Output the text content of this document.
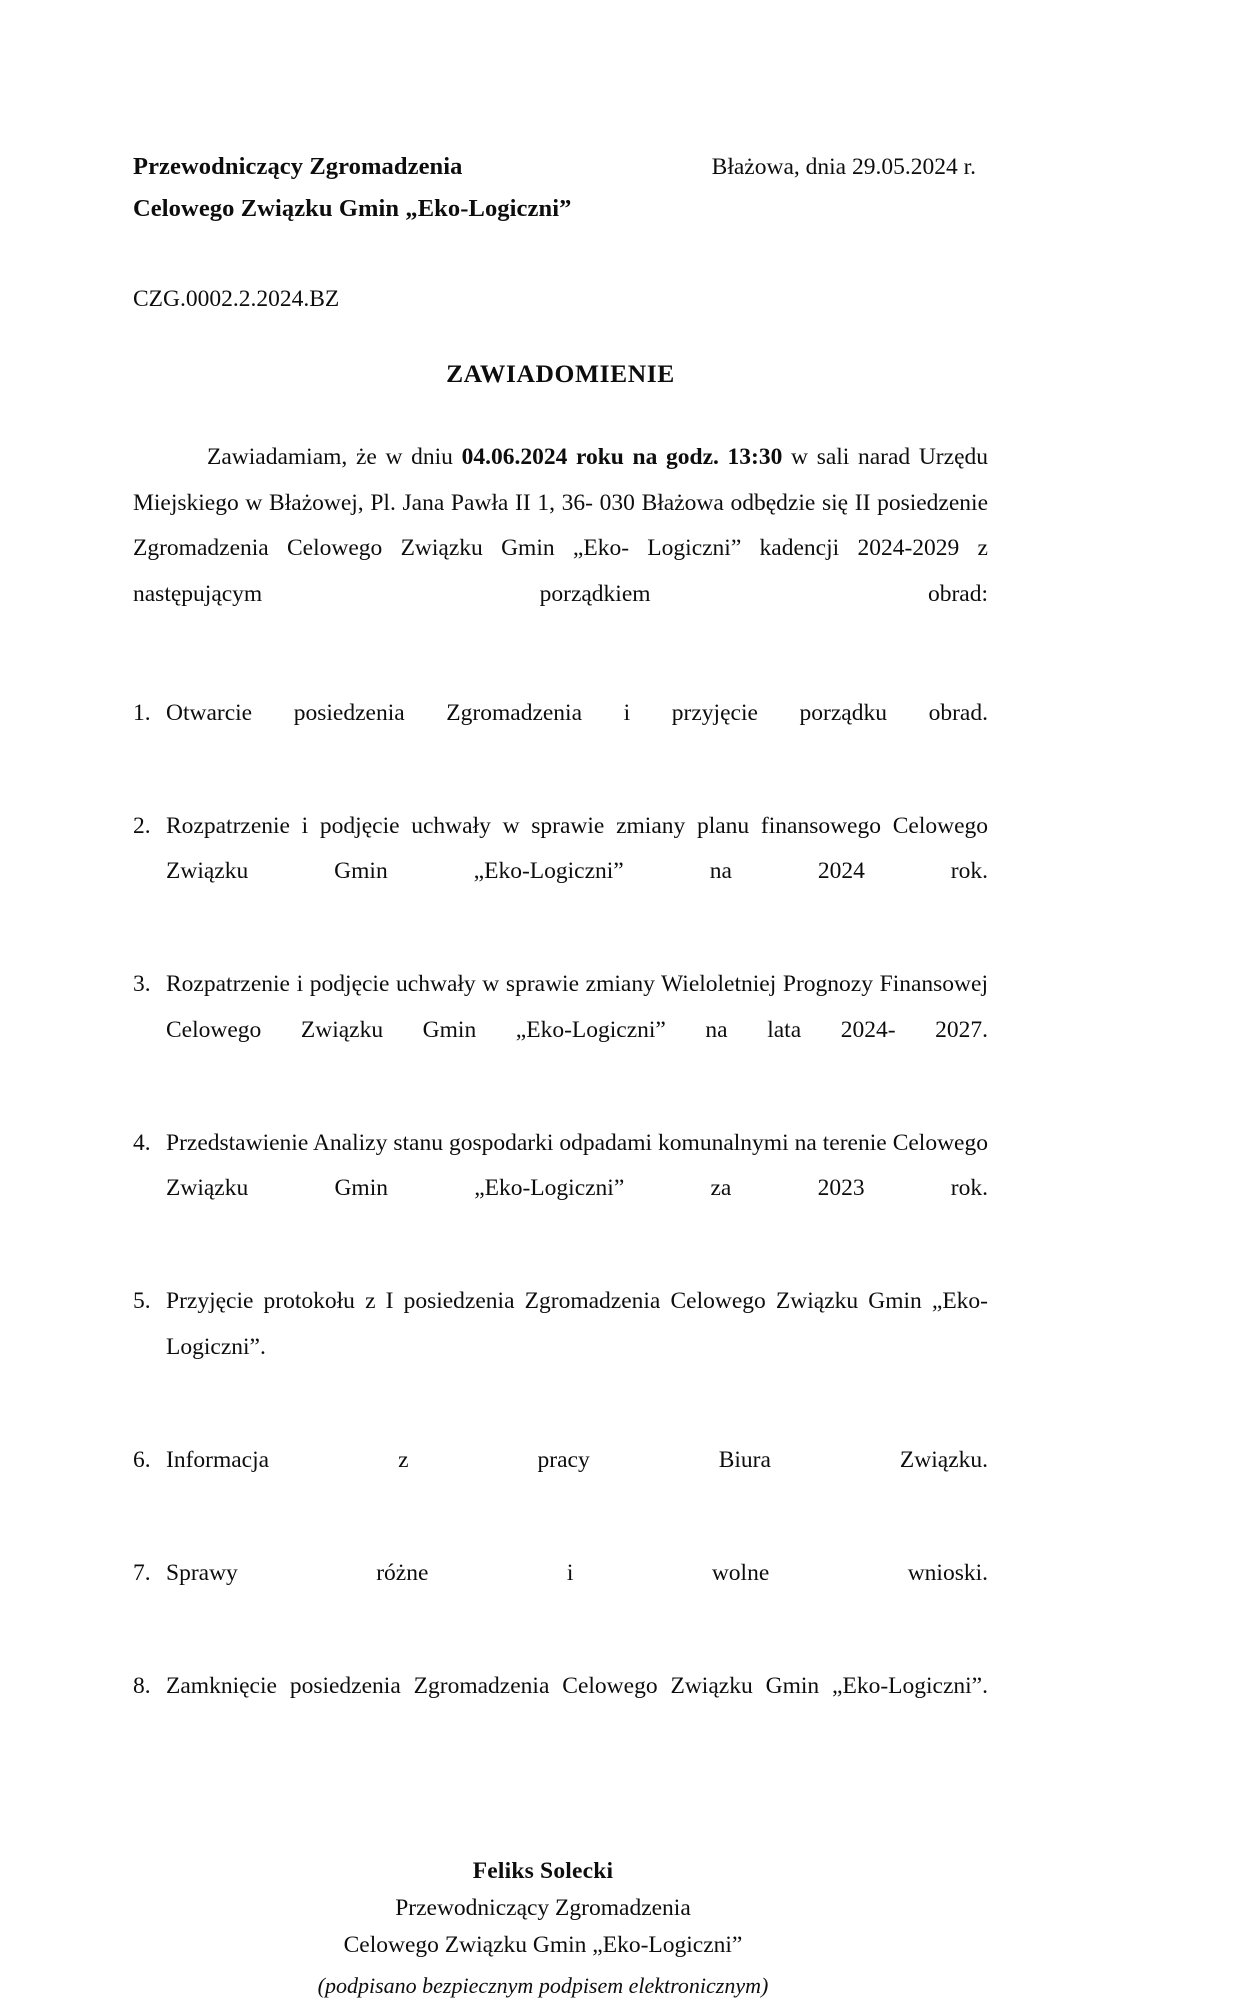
Przewodniczący Zgromadzenia
Celowego Związku Gmin „Eko-Logiczni”
Błażowa, dnia 29.05.2024 r.
CZG.0002.2.2024.BZ
ZAWIADOMIENIE

Zawiadamiam, że w dniu 04.06.2024 roku na godz. 13:30 w sali narad Urzędu Miejskiego w Błażowej, Pl. Jana Pawła II 1, 36- 030 Błażowa odbędzie się II posiedzenie Zgromadzenia Celowego Związku Gmin „Eko- Logiczni” kadencji 2024-2029 z następującym porządkiem obrad:

1. Otwarcie posiedzenia Zgromadzenia i przyjęcie porządku obrad.
2. Rozpatrzenie i podjęcie uchwały w sprawie zmiany planu finansowego Celowego Związku Gmin „Eko-Logiczni” na 2024 rok.
3. Rozpatrzenie i podjęcie uchwały w sprawie zmiany Wieloletniej Prognozy Finansowej Celowego Związku Gmin „Eko-Logiczni” na lata 2024- 2027.
4. Przedstawienie Analizy stanu gospodarki odpadami komunalnymi na terenie Celowego Związku Gmin „Eko-Logiczni” za 2023 rok.
5. Przyjęcie protokołu z I posiedzenia Zgromadzenia Celowego Związku Gmin „Eko-Logiczni”.
6. Informacja z pracy Biura Związku.
7. Sprawy różne i wolne wnioski.
8. Zamknięcie posiedzenia Zgromadzenia Celowego Związku Gmin „Eko-Logiczni”.
Feliks Solecki
Przewodniczący Zgromadzenia
Celowego Związku Gmin „Eko-Logiczni”
(podpisano bezpiecznym podpisem elektronicznym)
